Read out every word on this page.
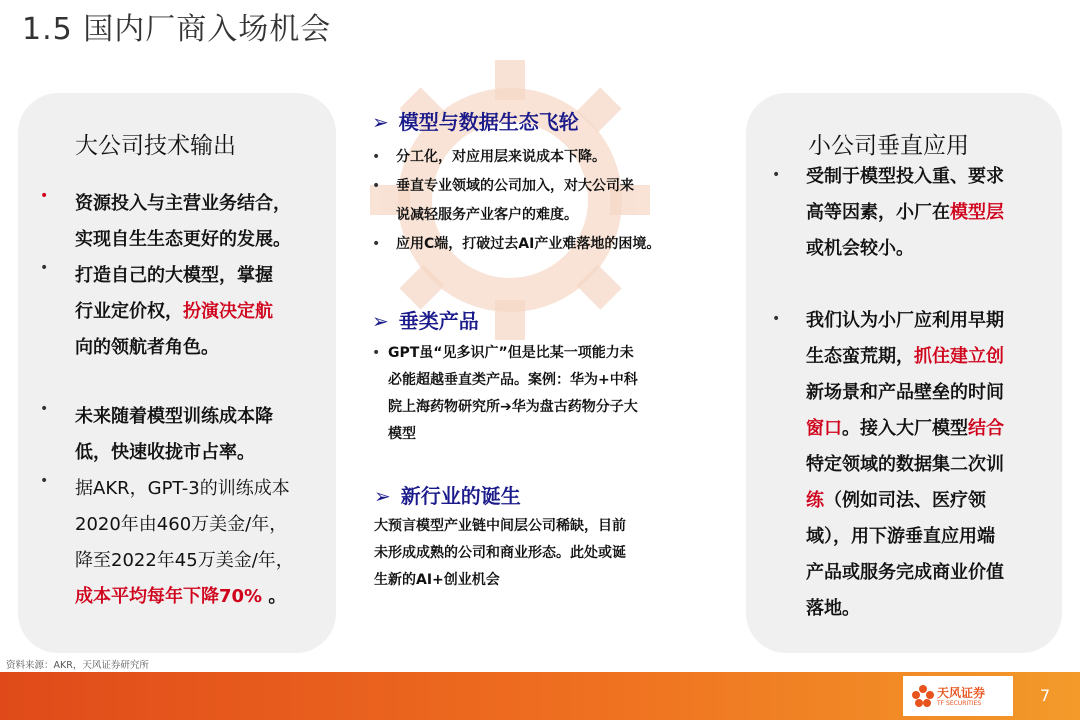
1.5 国内厂商入场机会
大公司技术输出
• 资源投入与主营业务结合，
实现自生生态更好的发展。
• 打造自己的大模型，掌握
行业定价权，扮演决定航
向的领航者角色。
• 未来随着模型训练成本降
低，快速收拢市占率。
• 据AKR，GPT-3的训练成本
2020年由460万美金/年，
降至2022年45万美金/年，
成本平均每年下降70% 。
➢ 模型与数据生态飞轮
• 分工化，对应用层来说成本下降。
• 垂直专业领域的公司加入，对大公司来
说减轻服务产业客户的难度。
• 应用C端，打破过去AI产业难落地的困境。
➢ 垂类产品
• GPT虽“见多识广”但是比某一项能力未
必能超越垂直类产品。案例：华为+中科
院上海药物研究所➔华为盘古药物分子大
模型
➢ 新行业的诞生
大预言模型产业链中间层公司稀缺，目前
未形成成熟的公司和商业形态。此处或诞
生新的AI+创业机会
小公司垂直应用
• 受制于模型投入重、要求
高等因素，小厂在模型层
或机会较小。
• 我们认为小厂应利用早期
生态蛮荒期，抓住建立创
新场景和产品壁垒的时间
窗口。接入大厂模型结合
特定领域的数据集二次训
练（例如司法、医疗领
域），用下游垂直应用端
产品或服务完成商业价值
落地。
资料来源：AKR，天风证券研究所
天风证券
TF SECURITIES	7
